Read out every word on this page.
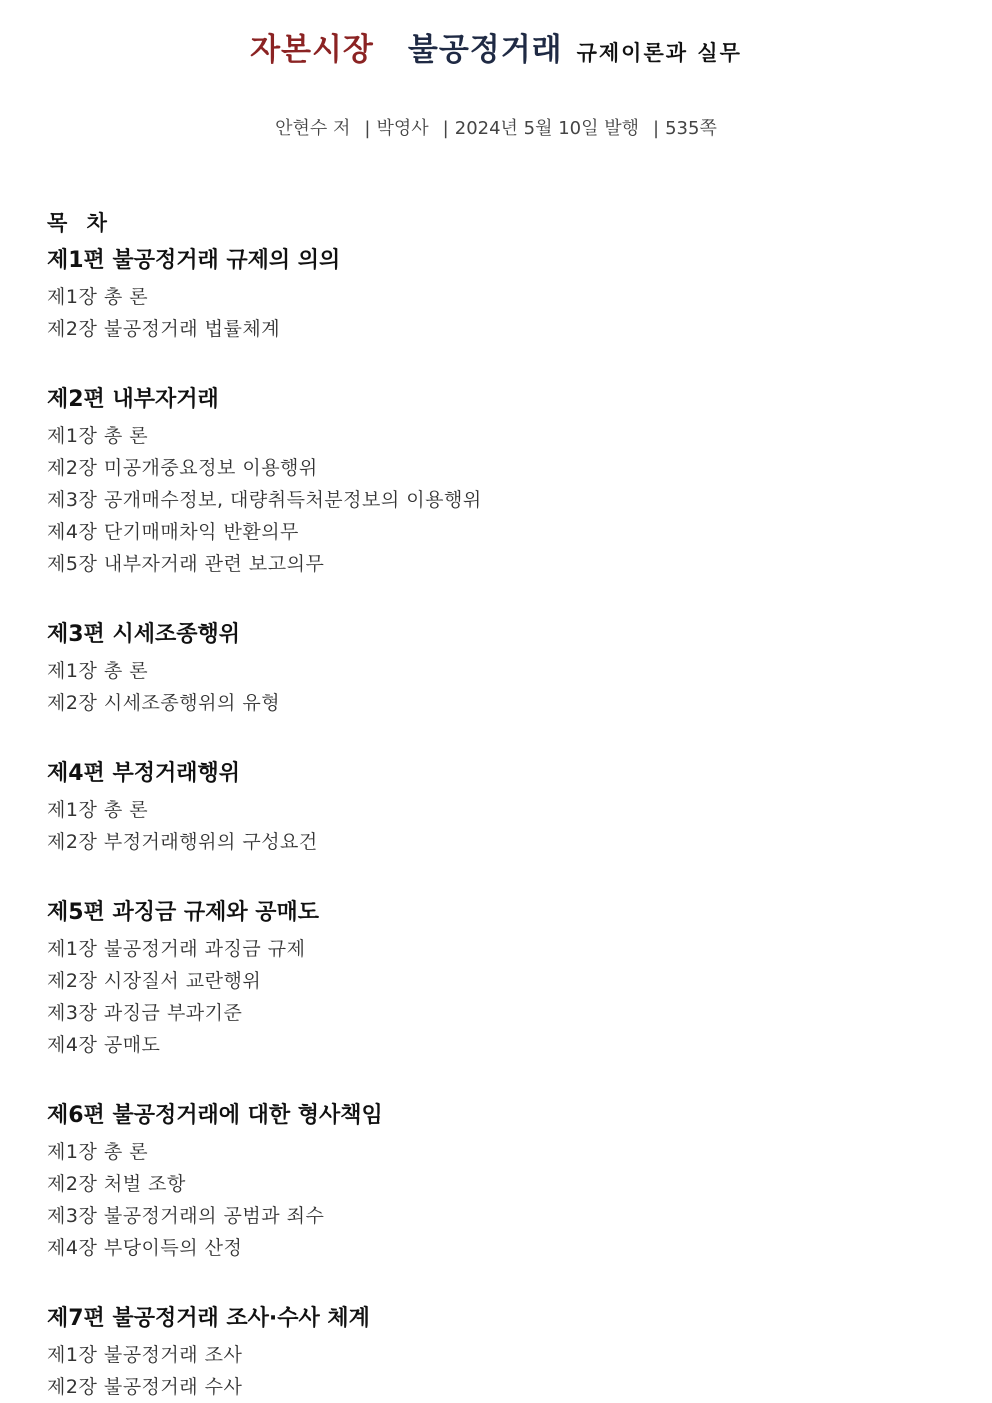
자본시장 불공정거래 규제이론과 실무
안현수 저 | 박영사 | 2024년 5월 10일 발행 | 535쪽
목 차
제1편 불공정거래 규제의 의의
제1장 총 론
제2장 불공정거래 법률체계
제2편 내부자거래
제1장 총 론
제2장 미공개중요정보 이용행위
제3장 공개매수정보, 대량취득처분정보의 이용행위
제4장 단기매매차익 반환의무
제5장 내부자거래 관련 보고의무
제3편 시세조종행위
제1장 총 론
제2장 시세조종행위의 유형
제4편 부정거래행위
제1장 총 론
제2장 부정거래행위의 구성요건
제5편 과징금 규제와 공매도
제1장 불공정거래 과징금 규제
제2장 시장질서 교란행위
제3장 과징금 부과기준
제4장 공매도
제6편 불공정거래에 대한 형사책임
제1장 총 론
제2장 처벌 조항
제3장 불공정거래의 공범과 죄수
제4장 부당이득의 산정
제7편 불공정거래 조사·수사 체계
제1장 불공정거래 조사
제2장 불공정거래 수사
